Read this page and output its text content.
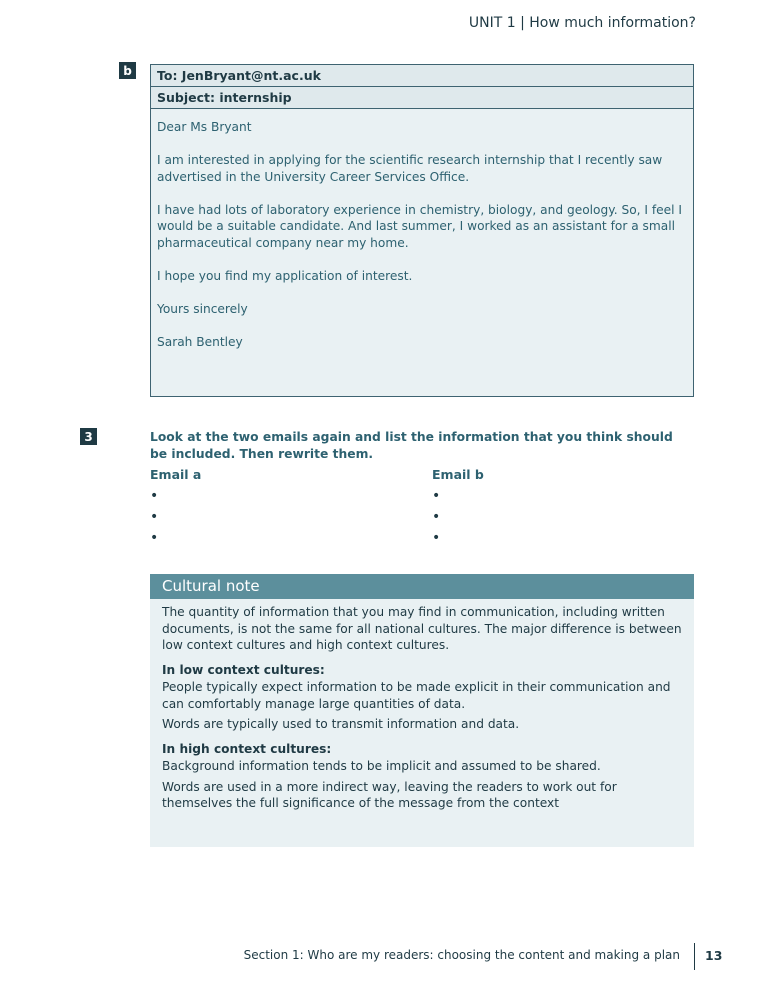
UNIT 1 | How much information?
b	To: JenBryant@nt.ac.uk
Subject: internship

Dear Ms Bryant

I am interested in applying for the scientific research internship that I recently saw advertised in the University Career Services Office.

I have had lots of laboratory experience in chemistry, biology, and geology. So, I feel I would be a suitable candidate. And last summer, I worked as an assistant for a small pharmaceutical company near my home.

I hope you find my application of interest.

Yours sincerely

Sarah Bentley

3	Look at the two emails again and list the information that you think should be included. Then rewrite them.
Email a	Email b
•
•
•
•
•
•
Cultural note

The quantity of information that you may find in communication, including written documents, is not the same for all national cultures. The major difference is between low context cultures and high context cultures.

In low context cultures:

People typically expect information to be made explicit in their communication and can comfortably manage large quantities of data.

Words are typically used to transmit information and data.

In high context cultures:

Background information tends to be implicit and assumed to be shared.

Words are used in a more indirect way, leaving the readers to work out for themselves the full significance of the message from the context

Section 1: Who are my readers: choosing the content and making a plan 13
